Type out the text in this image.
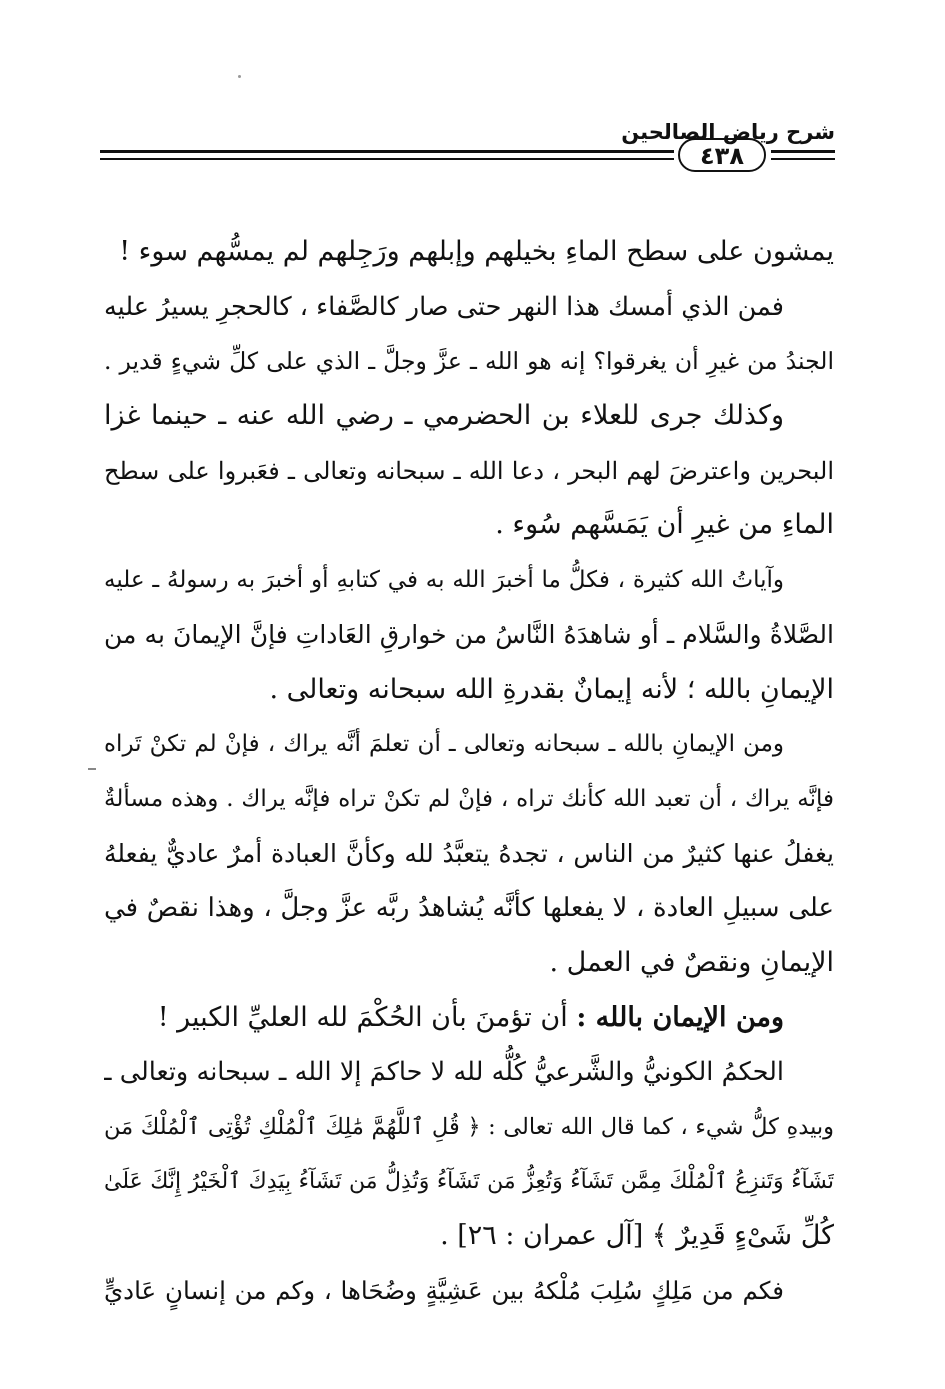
شرح رياض الصالحين
٤٣٨
يمشون على سطح الماءِ بخيلهم وإبلهم ورَجِلهم لم يمسُّهم سوء !
فمن الذي أمسك هذا النهر حتى صار كالصَّفاء ، كالحجرِ يسيرُ عليه
الجندُ من غيرِ أن يغرقوا؟ إنه هو الله ـ عزَّ وجلَّ ـ الذي على كلِّ شيءٍ قدير .
وكذلك جرى للعلاء بن الحضرمي ـ رضي الله عنه ـ حينما غزا
البحرين واعترضَ لهم البحر ، دعا الله ـ سبحانه وتعالى ـ فعَبروا على سطح
الماءِ من غيرِ أن يَمَسَّهم سُوء .
وآياتُ الله كثيرة ، فكلُّ ما أخبرَ الله به في كتابهِ أو أخبرَ به رسولهُ ـ عليه
الصَّلاةُ والسَّلام ـ أو شاهدَهُ النَّاسُ من خوارقِ العَاداتِ فإنَّ الإيمانَ به من
الإيمانِ بالله ؛ لأنه إيمانٌ بقدرةِ الله سبحانه وتعالى .
ومن الإيمانِ بالله ـ سبحانه وتعالى ـ أن تعلمَ أنَّه يراك ، فإنْ لم تكنْ تَراه
فإنَّه يراك ، أن تعبد الله كأنك تراه ، فإنْ لم تكنْ تراه فإنَّه يراك . وهذه مسألةٌ
يغفلُ عنها كثيرٌ من الناس ، تجدهُ يتعبَّدُ لله وكأنَّ العبادة أمرٌ عاديٌّ يفعلهُ
على سبيلِ العادة ، لا يفعلها كأنَّه يُشاهدُ ربَّه عزَّ وجلَّ ، وهذا نقصٌ في
الإيمانِ ونقصٌ في العمل .
ومن الإيمان بالله : أن تؤمنَ بأن الحُكْمَ لله العليِّ الكبير !
الحكمُ الكونيُّ والشَّرعيُّ كُلُّه لله لا حاكمَ إلا الله ـ سبحانه وتعالى ـ
وبيدهِ كلُّ شيء ، كما قال الله تعالى : ﴿ قُلِ ٱللَّهُمَّ مَٰلِكَ ٱلْمُلْكِ تُؤْتِى ٱلْمُلْكَ مَن
تَشَآءُ وَتَنزِعُ ٱلْمُلْكَ مِمَّن تَشَآءُ وَتُعِزُّ مَن تَشَآءُ وَتُذِلُّ مَن تَشَآءُ بِيَدِكَ ٱلْخَيْرُ إِنَّكَ عَلَىٰ
كُلِّ شَىْءٍ قَدِيرٌ ﴾ [آل عمران : ٢٦] .
فكم من مَلِكٍ سُلِبَ مُلْكهُ بين عَشِيَّةٍ وضُحَاها ، وكم من إنسانٍ عَاديٍّ
